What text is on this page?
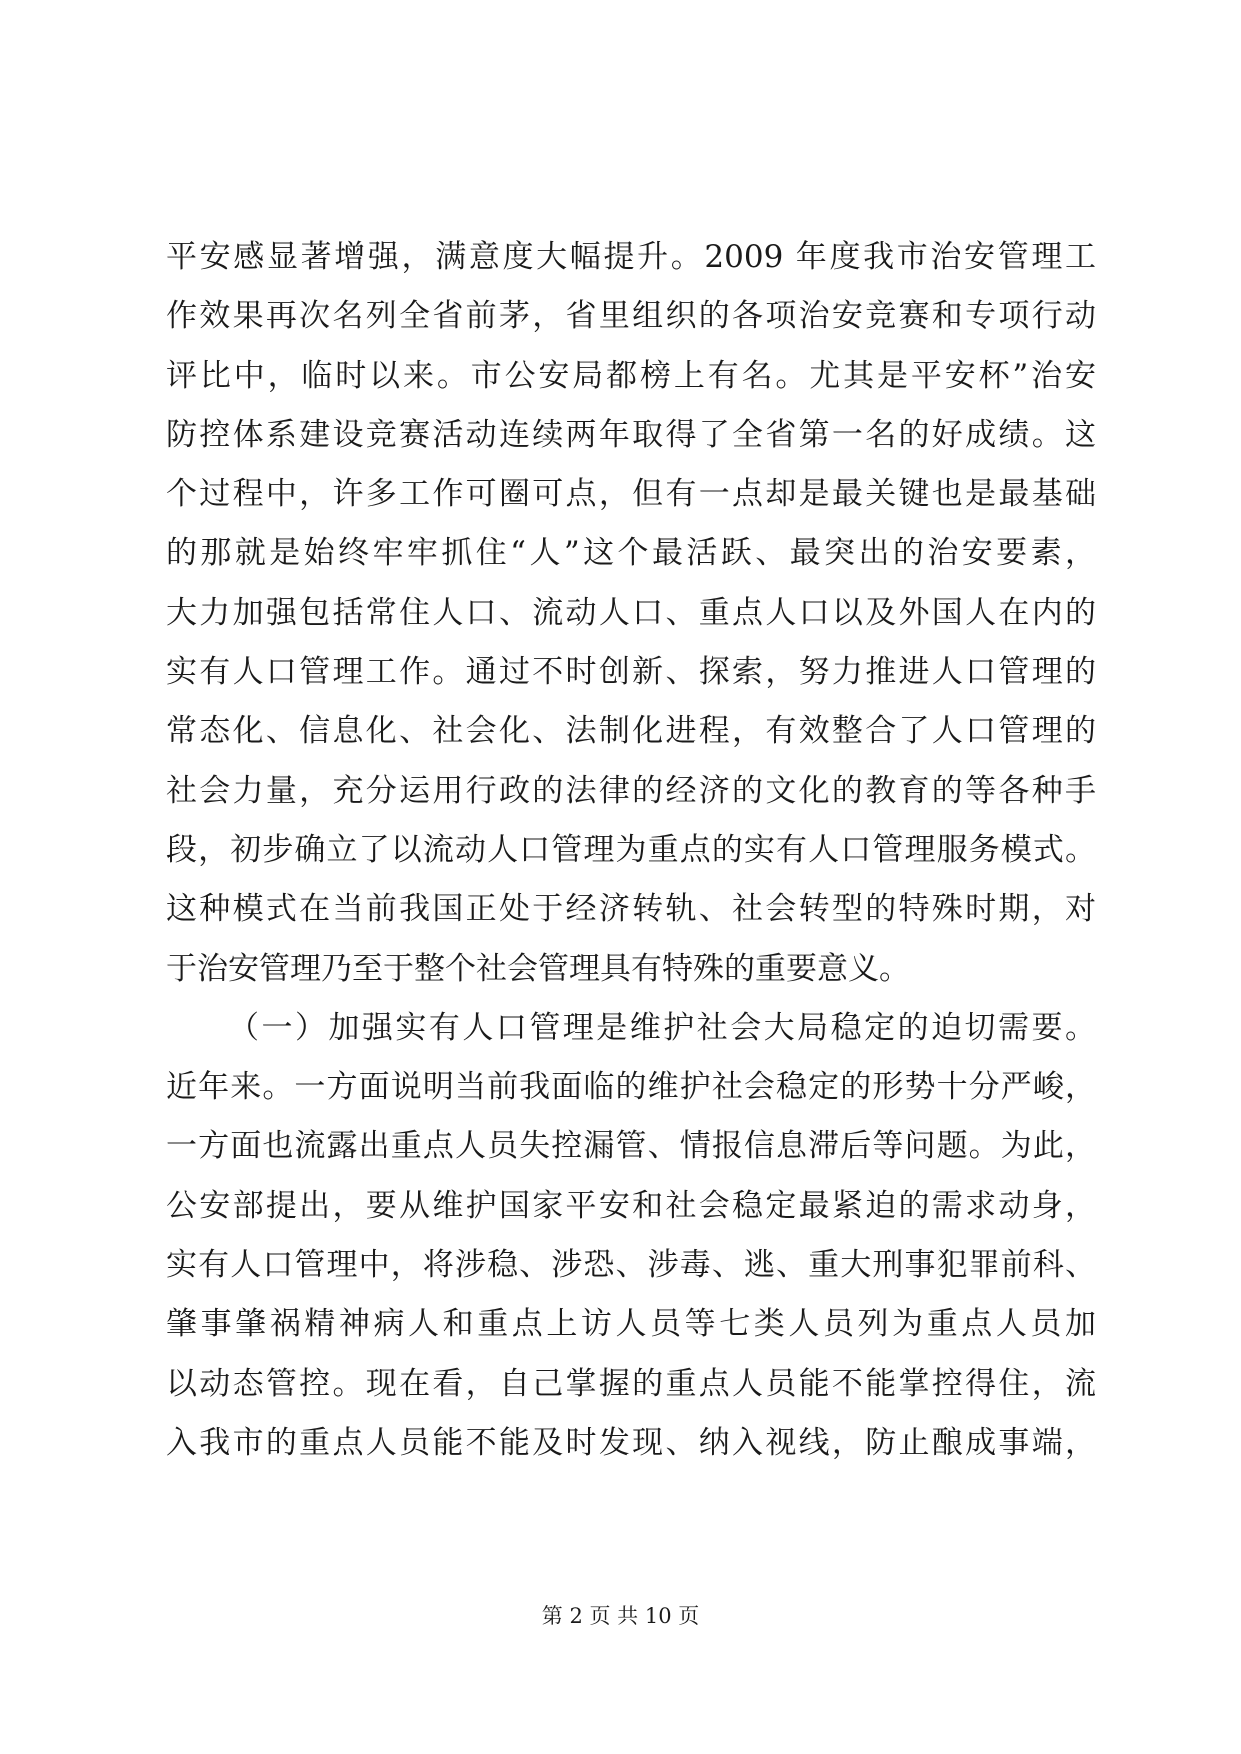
平安感显著增强，满意度大幅提升。2009 年度我市治安管理工
作效果再次名列全省前茅，省里组织的各项治安竞赛和专项行动
评比中，临时以来。市公安局都榜上有名。尤其是平安杯”治安
防控体系建设竞赛活动连续两年取得了全省第一名的好成绩。这
个过程中，许多工作可圈可点，但有一点却是最关键也是最基础
的那就是始终牢牢抓住“人”这个最活跃、最突出的治安要素，
大力加强包括常住人口、流动人口、重点人口以及外国人在内的
实有人口管理工作。通过不时创新、探索，努力推进人口管理的
常态化、信息化、社会化、法制化进程，有效整合了人口管理的
社会力量，充分运用行政的法律的经济的文化的教育的等各种手
段，初步确立了以流动人口管理为重点的实有人口管理服务模式。
这种模式在当前我国正处于经济转轨、社会转型的特殊时期，对
于治安管理乃至于整个社会管理具有特殊的重要意义。
（一）加强实有人口管理是维护社会大局稳定的迫切需要。
近年来。一方面说明当前我面临的维护社会稳定的形势十分严峻，
一方面也流露出重点人员失控漏管、情报信息滞后等问题。为此，
公安部提出，要从维护国家平安和社会稳定最紧迫的需求动身，
实有人口管理中，将涉稳、涉恐、涉毒、逃、重大刑事犯罪前科、
肇事肇祸精神病人和重点上访人员等七类人员列为重点人员加
以动态管控。现在看，自己掌握的重点人员能不能掌控得住，流
入我市的重点人员能不能及时发现、纳入视线，防止酿成事端，
第 2 页 共 10 页
